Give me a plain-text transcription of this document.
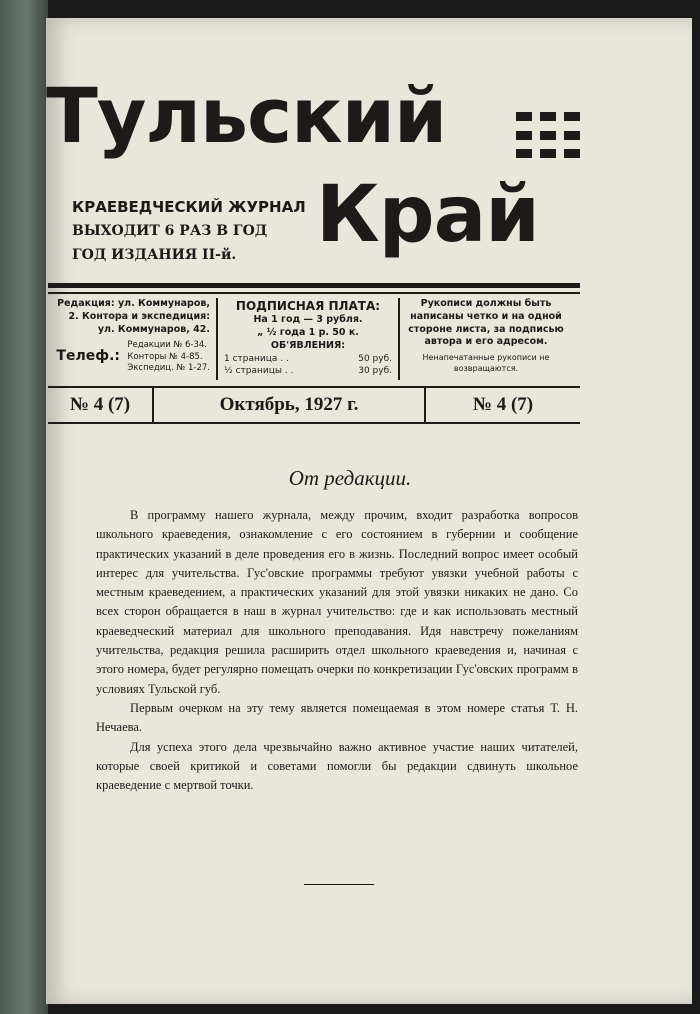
Тульский
Край
КРАЕВЕДЧЕСКИЙ ЖУРНАЛ
ВЫХОДИТ 6 РАЗ В ГОД
ГОД ИЗДАНИЯ II-й.
Редакция: ул. Коммунаров, 2. Контора и экспедиция: ул. Коммунаров, 42.
Телеф.:
Редакции № 6-34.
Конторы № 4-85.
Экспедиц. № 1-27.
ПОДПИСНАЯ ПЛАТА:
На 1 год — 3 рубля.
„ ½ года 1 р. 50 к.
ОБ'ЯВЛЕНИЯ:
1 страница . .	50 руб.
½ страницы . .	30 руб.
Рукописи должны быть написаны четко и на одной стороне листа, за подписью автора и его адресом.
Ненапечатанные рукописи не возвращаются.
№ 4 (7)	Октябрь, 1927 г.	№ 4 (7)
От редакции.

В программу нашего журнала, между прочим, входит разработка вопросов школьного краеведения, ознакомление с его состоянием в губернии и сообщение практических указаний в деле проведения его в жизнь. Последний вопрос имеет особый интерес для учительства. Гус'овские программы требуют увязки учебной работы с местным краеведением, а практических указаний для этой увязки никаких не дано. Со всех сторон обращается в наш в журнал учительство: где и как использовать местный краеведческий материал для школьного преподавания. Идя навстречу пожеланиям учительства, редакция решила расширить отдел школьного краеведения и, начиная с этого номера, будет регулярно помещать очерки по конкретизации Гус'овских программ в условиях Тульской губ.

Первым очерком на эту тему является помещаемая в этом номере статья Т. Н. Нечаева.

Для успеха этого дела чрезвычайно важно активное участие наших читателей, которые своей критикой и советами помогли бы редакции сдвинуть школьное краеведение с мертвой точки.
